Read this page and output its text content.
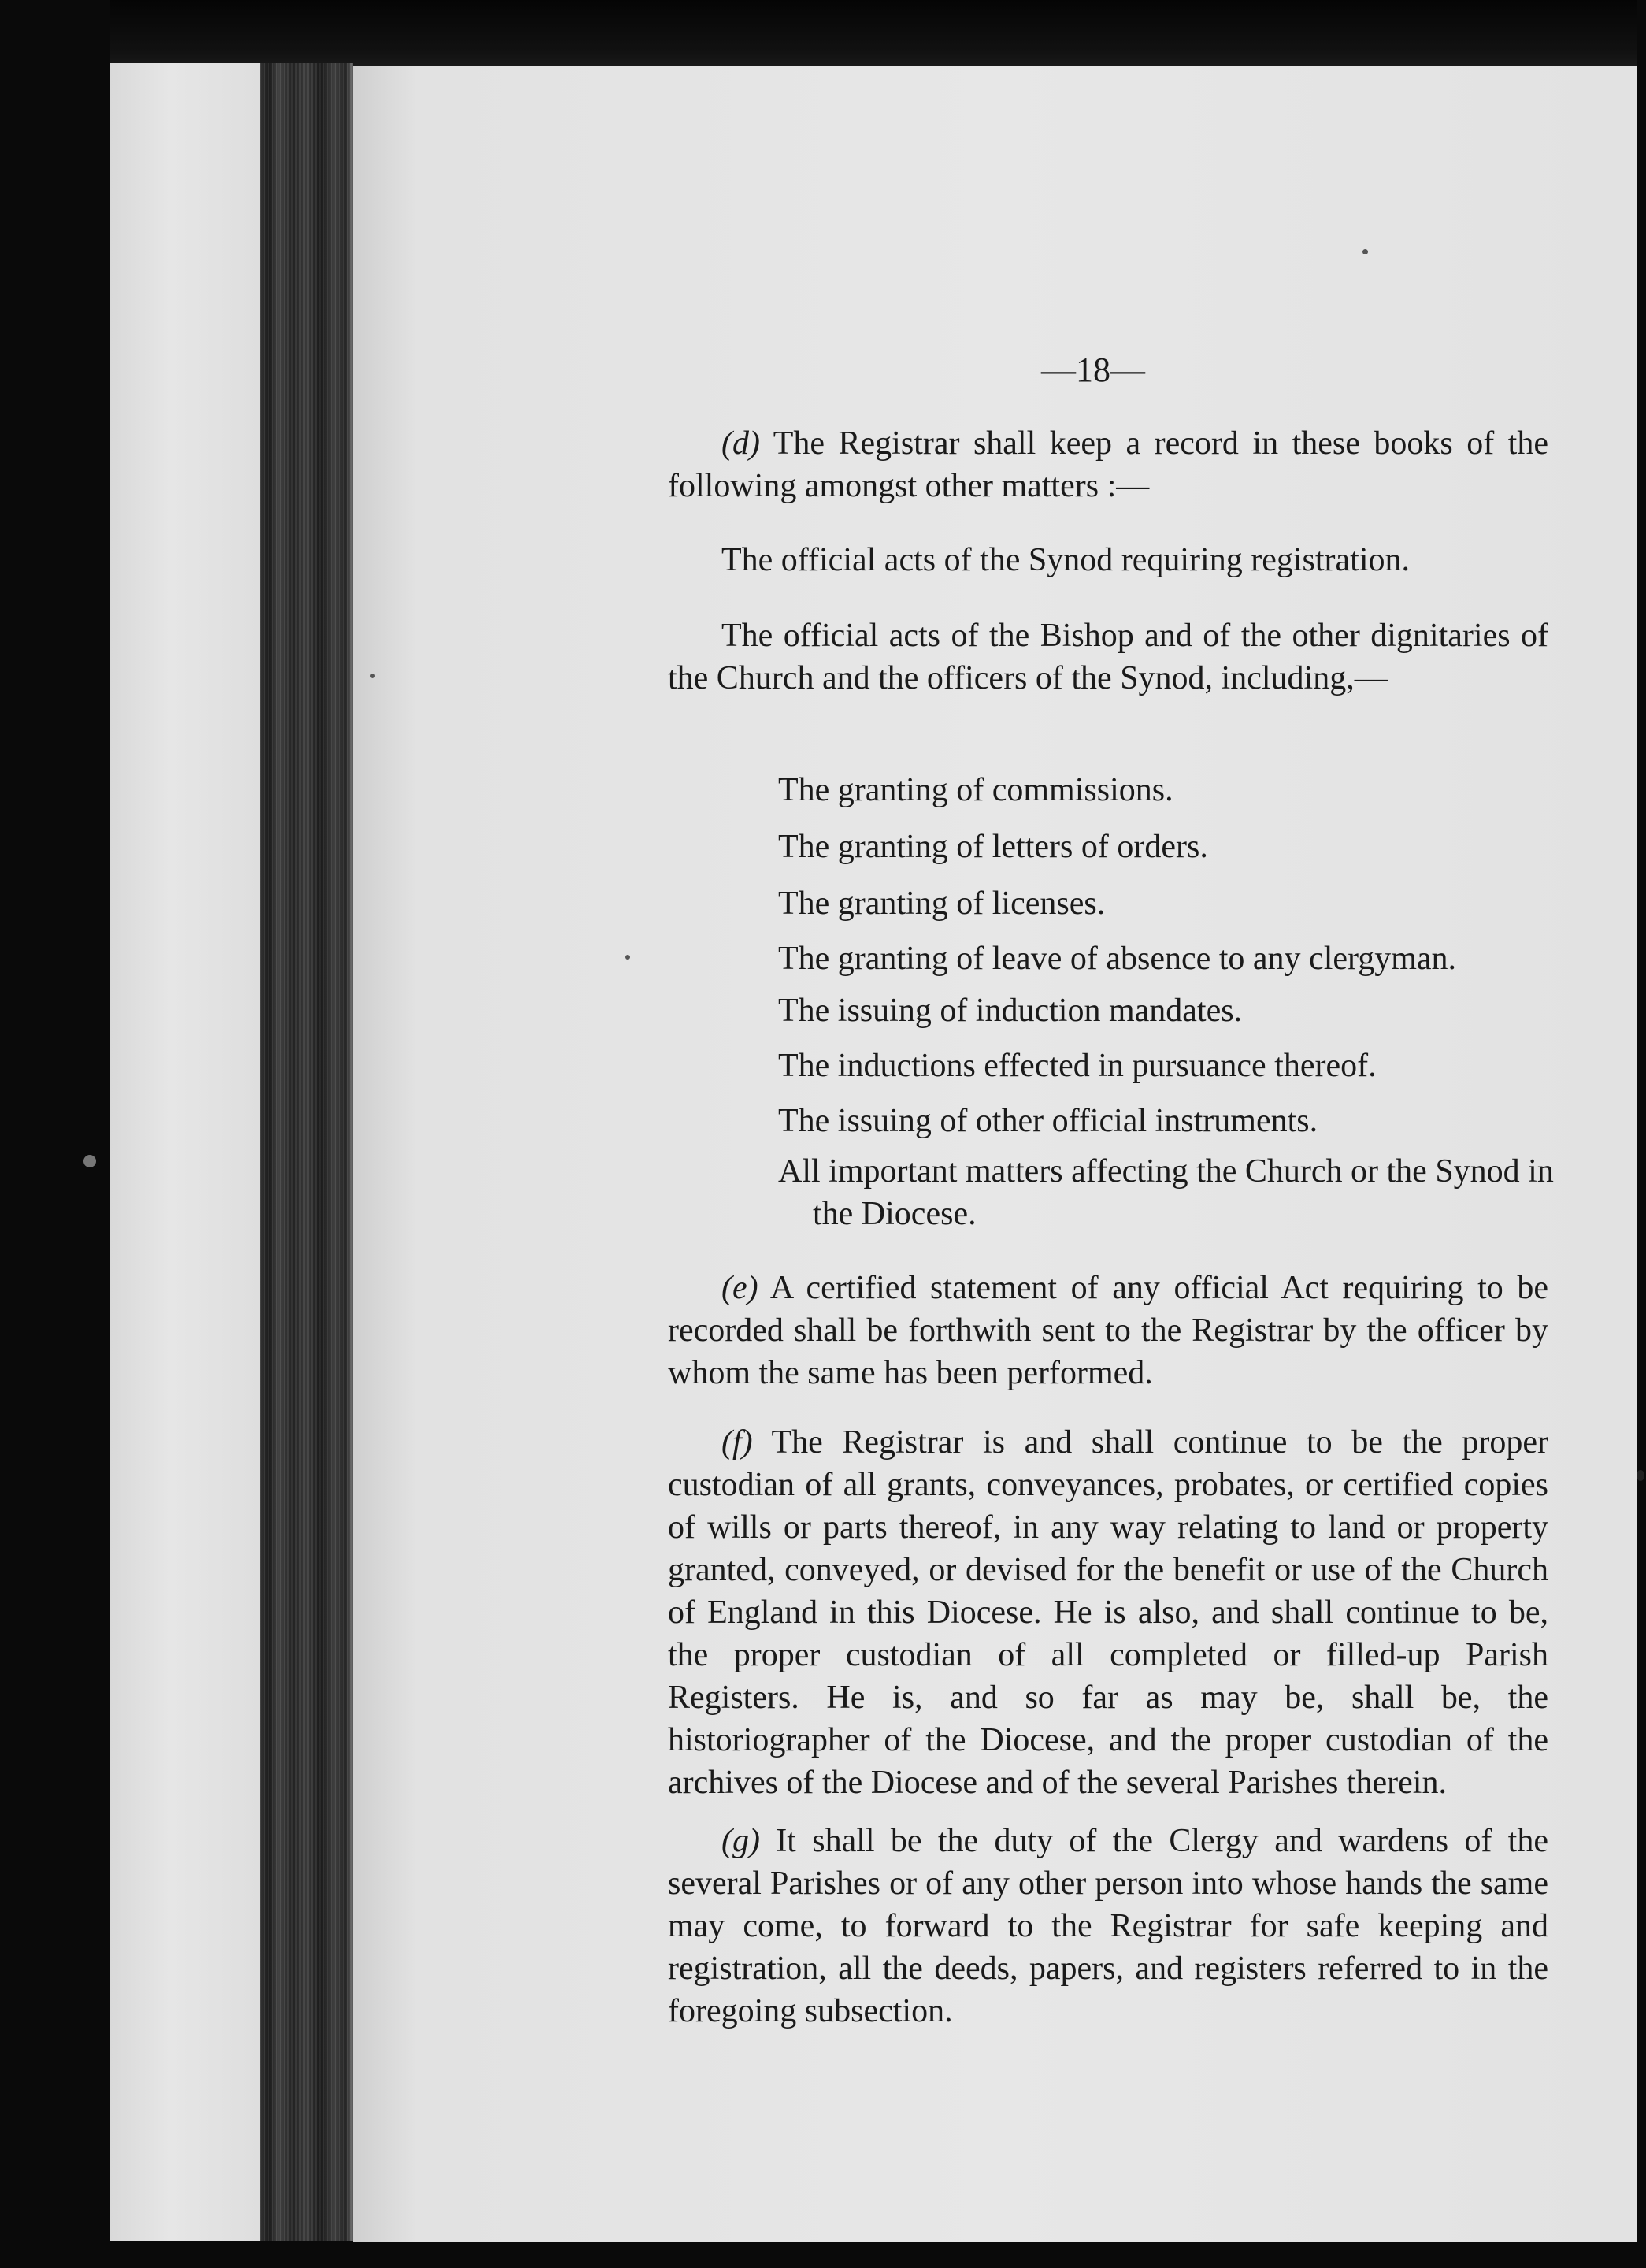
—18—
(d) The Registrar shall keep a record in these books of the following amongst other matters :—
The official acts of the Synod requiring registration.
The official acts of the Bishop and of the other dignitaries of the Church and the officers of the Synod, including,—
The granting of commissions.
The granting of letters of orders.
The granting of licenses.
The granting of leave of absence to any clergyman.
The issuing of induction mandates.
The inductions effected in pursuance thereof.
The issuing of other official instruments.
All important matters affecting the Church or the Synod in the Diocese.
(e) A certified statement of any official Act requiring to be recorded shall be forthwith sent to the Registrar by the officer by whom the same has been performed.
(f) The Registrar is and shall continue to be the proper custodian of all grants, conveyances, probates, or certified copies of wills or parts thereof, in any way relating to land or property granted, conveyed, or devised for the benefit or use of the Church of England in this Diocese. He is also, and shall continue to be, the proper custodian of all completed or filled-up Parish Registers. He is, and so far as may be, shall be, the historiographer of the Diocese, and the proper custodian of the archives of the Diocese and of the several Parishes therein.
(g) It shall be the duty of the Clergy and wardens of the several Parishes or of any other person into whose hands the same may come, to forward to the Registrar for safe keeping and registration, all the deeds, papers, and registers referred to in the foregoing subsection.
